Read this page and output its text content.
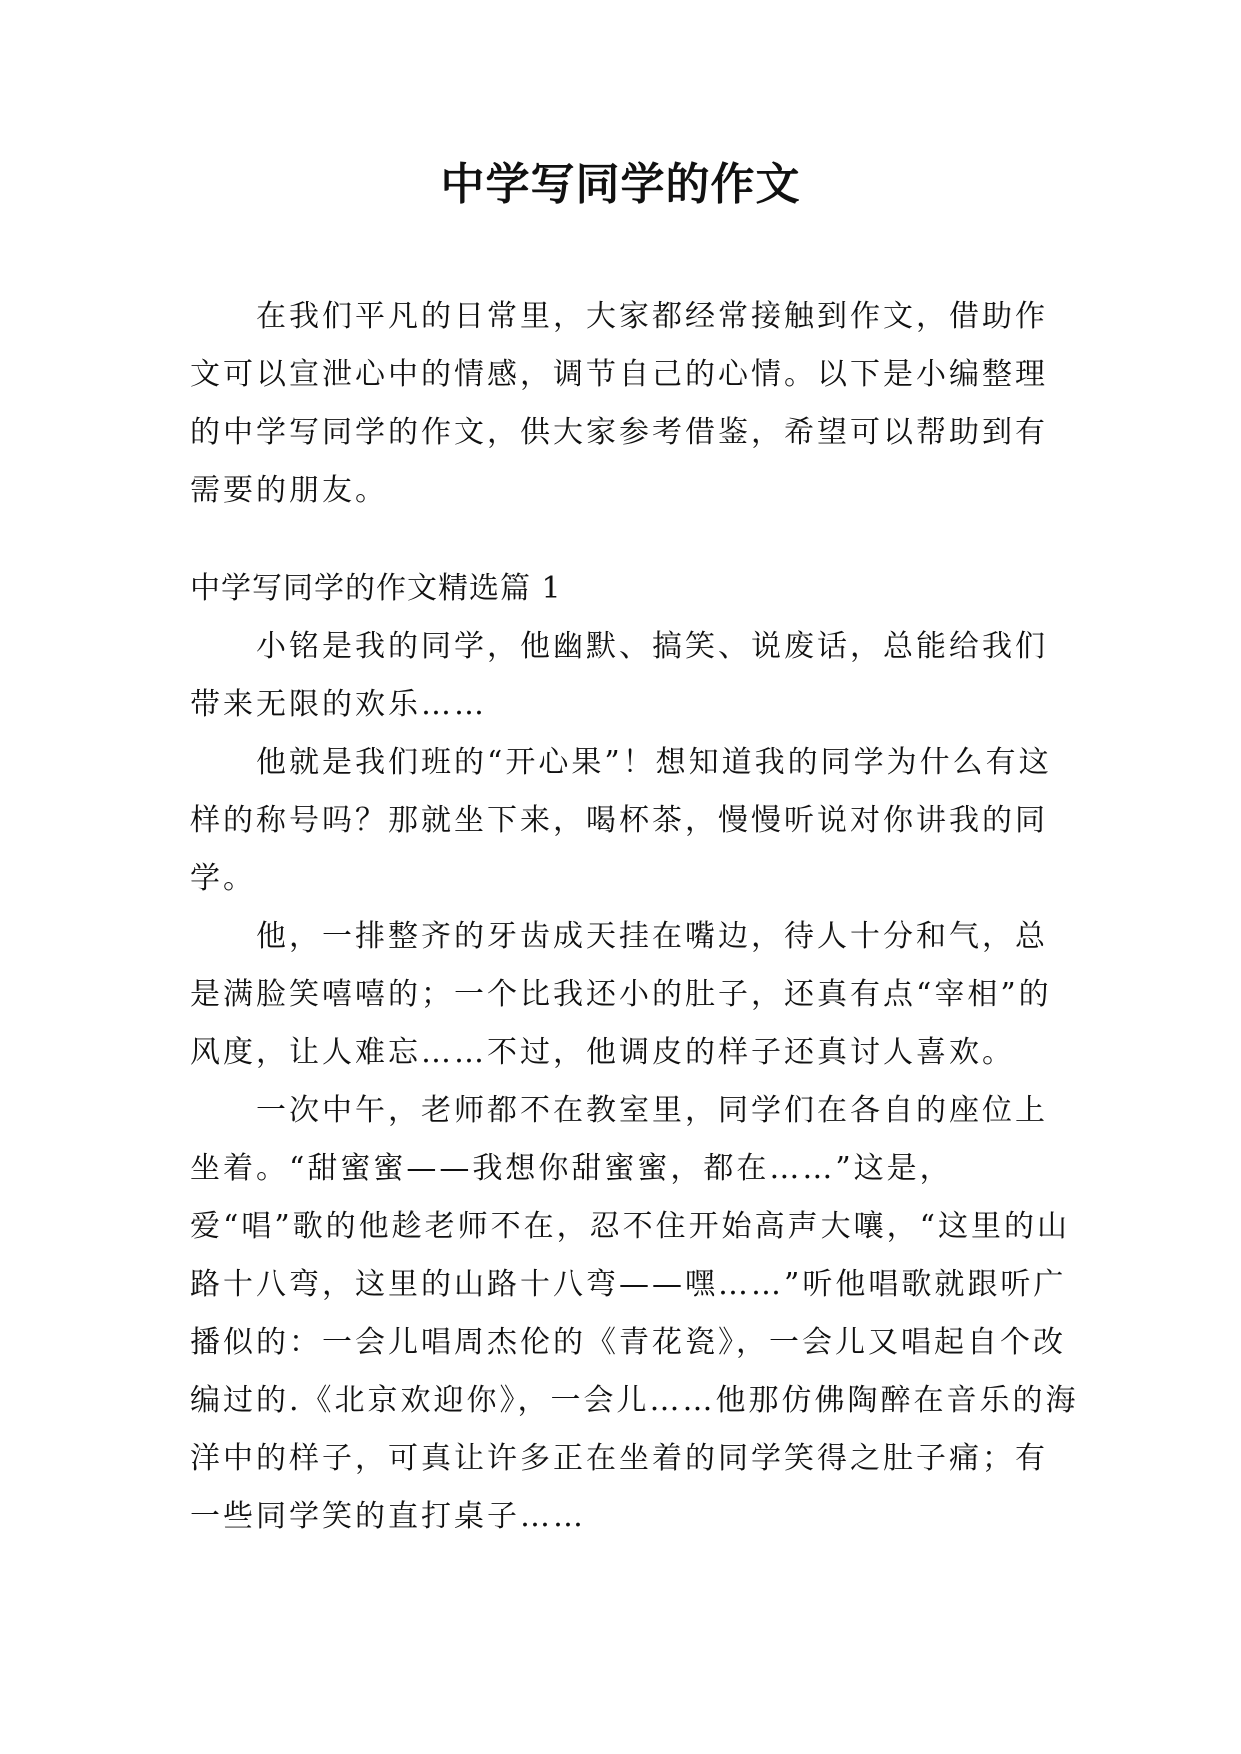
中学写同学的作文

在我们平凡的日常里，大家都经常接触到作文，借助作文可以宣泄心中的情感，调节自己的心情。以下是小编整理的中学写同学的作文，供大家参考借鉴，希望可以帮助到有需要的朋友。

中学写同学的作文精选篇 1

小铭是我的同学，他幽默、搞笑、说废话，总能给我们带来无限的欢乐……

他就是我们班的“开心果”！想知道我的同学为什么有这样的称号吗？那就坐下来，喝杯茶，慢慢听说对你讲我的同学。

他，一排整齐的牙齿成天挂在嘴边，待人十分和气，总是满脸笑嘻嘻的；一个比我还小的肚子，还真有点“宰相”的风度，让人难忘……不过，他调皮的样子还真讨人喜欢。

一次中午，老师都不在教室里，同学们在各自的座位上坐着。“甜蜜蜜——我想你甜蜜蜜，都在……”这是，爱“唱”歌的他趁老师不在，忍不住开始高声大嚷，“这里的山路十八弯，这里的山路十八弯——嘿……”听他唱歌就跟听广播似的：一会儿唱周杰伦的《青花瓷》，一会儿又唱起自个改编过的.《北京欢迎你》，一会儿……他那仿佛陶醉在音乐的海洋中的样子，可真让许多正在坐着的同学笑得之肚子痛；有一些同学笑的直打桌子……
